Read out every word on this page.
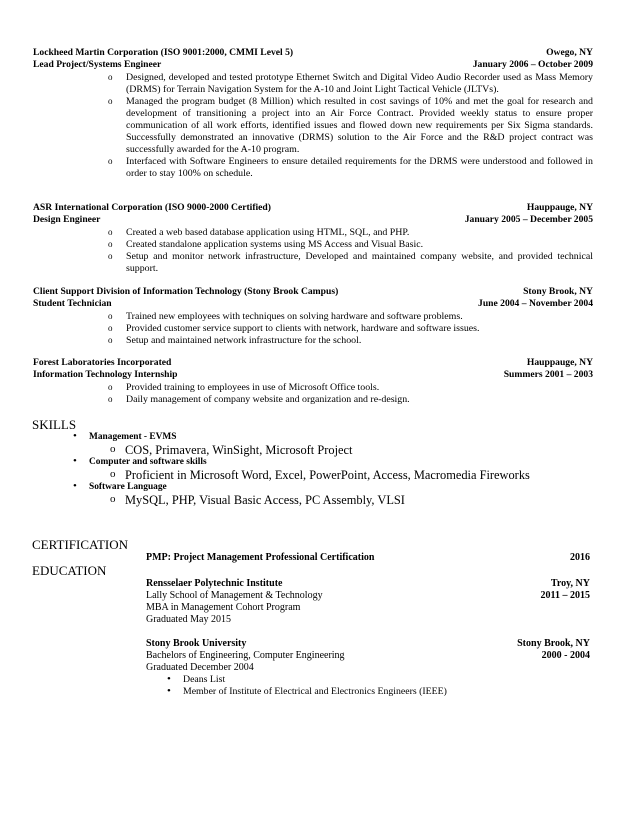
Lockheed Martin Corporation (ISO 9001:2000, CMMI Level 5)	Owego, NY
Lead Project/Systems Engineer	January 2006 – October 2009
o Designed, developed and tested prototype Ethernet Switch and Digital Video Audio Recorder used as Mass Memory (DRMS) for Terrain Navigation System for the A-10 and Joint Light Tactical Vehicle (JLTVs).
o Managed the program budget (8 Million) which resulted in cost savings of 10% and met the goal for research and development of transitioning a project into an Air Force Contract. Provided weekly status to ensure proper communication of all work efforts, identified issues and flowed down new requirements per Six Sigma standards. Successfully demonstrated an innovative (DRMS) solution to the Air Force and the R&D project contract was successfully awarded for the A-10 program.
o Interfaced with Software Engineers to ensure detailed requirements for the DRMS were understood and followed in order to stay 100% on schedule.
ASR International Corporation (ISO 9000-2000 Certified)	Hauppauge, NY
Design Engineer	January 2005 – December 2005
o Created a web based database application using HTML, SQL, and PHP.
o Created standalone application systems using MS Access and Visual Basic.
o Setup and monitor network infrastructure, Developed and maintained company website, and provided technical support.
Client Support Division of Information Technology (Stony Brook Campus)	Stony Brook, NY
Student Technician	June 2004 – November 2004
o Trained new employees with techniques on solving hardware and software problems.
o Provided customer service support to clients with network, hardware and software issues.
o Setup and maintained network infrastructure for the school.
Forest Laboratories Incorporated	Hauppauge, NY
Information Technology Internship	Summers 2001 – 2003
o Provided training to employees in use of Microsoft Office tools.
o Daily management of company website and organization and re-design.
SKILLS
• Management - EVMS
o COS, Primavera, WinSight, Microsoft Project
• Computer and software skills
o Proficient in Microsoft Word, Excel, PowerPoint, Access, Macromedia Fireworks
• Software Language
o MySQL, PHP, Visual Basic Access, PC Assembly, VLSI
CERTIFICATION
PMP: Project Management Professional Certification	2016
EDUCATION
Rensselaer Polytechnic Institute	Troy, NY
Lally School of Management & Technology	2011 – 2015
MBA in Management Cohort Program
Graduated May 2015
Stony Brook University	Stony Brook, NY
Bachelors of Engineering, Computer Engineering	2000 - 2004
Graduated December 2004
• Deans List
• Member of Institute of Electrical and Electronics Engineers (IEEE)
